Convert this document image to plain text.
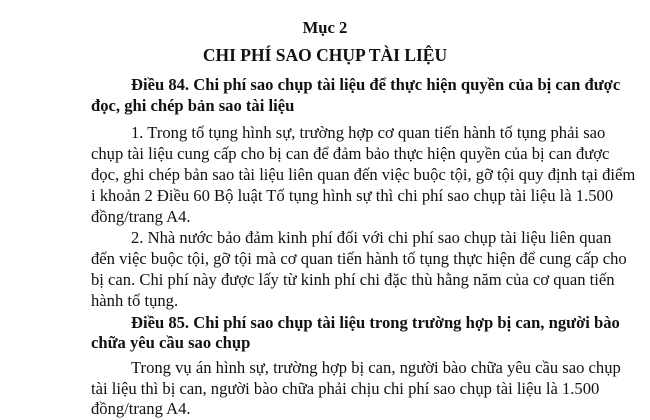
Mục 2
CHI PHÍ SAO CHỤP TÀI LIỆU
Điều 84. Chi phí sao chụp tài liệu để thực hiện quyền của bị can được
đọc, ghi chép bản sao tài liệu
1. Trong tố tụng hình sự, trường hợp cơ quan tiến hành tố tụng phải sao
chụp tài liệu cung cấp cho bị can để đảm bảo thực hiện quyền của bị can được
đọc, ghi chép bản sao tài liệu liên quan đến việc buộc tội, gỡ tội quy định tại điểm
i khoản 2 Điều 60 Bộ luật Tố tụng hình sự thì chi phí sao chụp tài liệu là 1.500
đồng/trang A4.
2. Nhà nước bảo đảm kinh phí đối với chi phí sao chụp tài liệu liên quan
đến việc buộc tội, gỡ tội mà cơ quan tiến hành tố tụng thực hiện để cung cấp cho
bị can. Chi phí này được lấy từ kinh phí chi đặc thù hằng năm của cơ quan tiến
hành tố tụng.
Điều 85. Chi phí sao chụp tài liệu trong trường hợp bị can, người bào
chữa yêu cầu sao chụp
Trong vụ án hình sự, trường hợp bị can, người bào chữa yêu cầu sao chụp
tài liệu thì bị can, người bào chữa phải chịu chi phí sao chụp tài liệu là 1.500
đồng/trang A4.
